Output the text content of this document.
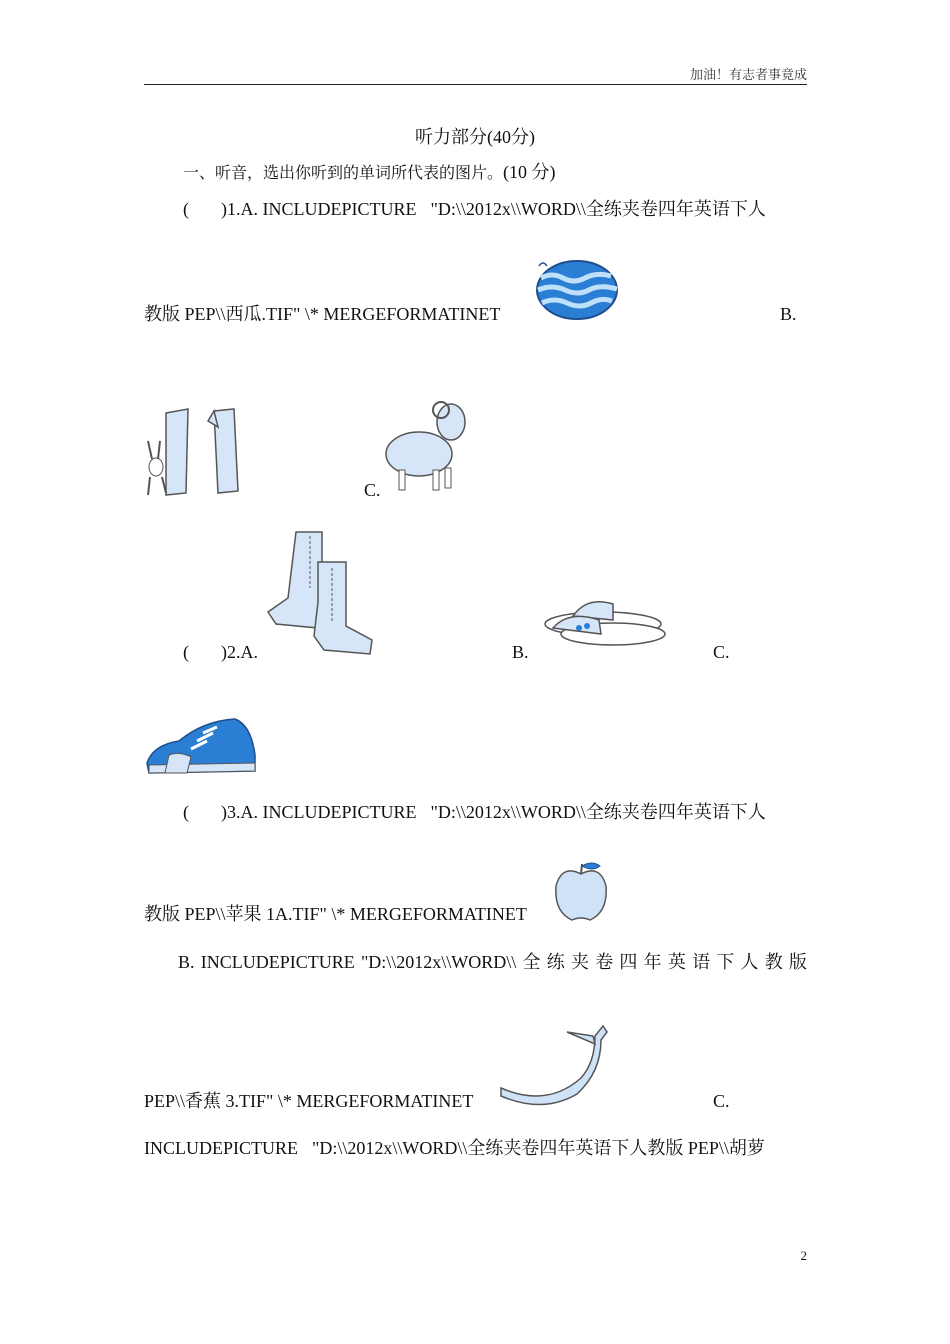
加油！有志者事竟成
听力部分(40分)
一、听音，选出你听到的单词所代表的图片。(10 分)
( )1.A. INCLUDEPICTURE "D:\\2012x\\WORD\\全练夹卷四年英语下人
教版 PEP\\西瓜.TIF" \* MERGEFORMATINET	B.
C.
( )2.A.	B.	C.
( )3.A. INCLUDEPICTURE "D:\\2012x\\WORD\\全练夹卷四年英语下人
教版 PEP\\苹果 1A.TIF" \* MERGEFORMATINET
B. INCLUDEPICTURE "D:\\2012x\\WORD\\ 全 练 夹 卷 四 年 英 语 下 人 教 版
PEP\\香蕉 3.TIF" \* MERGEFORMATINET	C.
INCLUDEPICTURE "D:\\2012x\\WORD\\全练夹卷四年英语下人教版 PEP\\胡萝
2
